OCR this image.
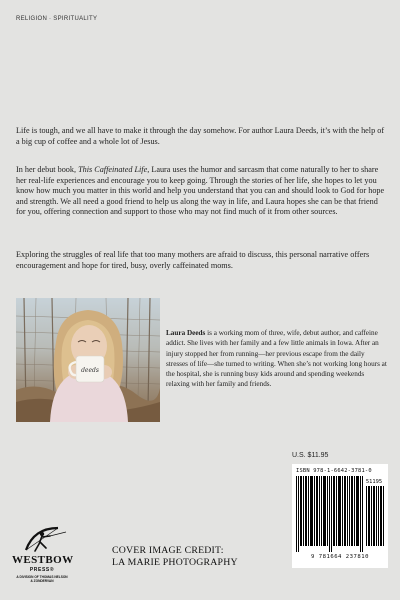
RELIGION · SPIRITUALITY

Life is tough, and we all have to make it through the day somehow. For author Laura Deeds, it’s with the help of a big cup of coffee and a whole lot of Jesus.

In her debut book, This Caffeinated Life, Laura uses the humor and sarcasm that come naturally to her to share her real-life experiences and encourage you to keep going. Through the stories of her life, she hopes to let you know how much you matter in this world and help you understand that you can and should look to God for hope and strength. We all need a good friend to help us along the way in life, and Laura hopes she can be that friend for you, offering connection and support to those who may not find much of it from other sources.

Exploring the struggles of real life that too many mothers are afraid to discuss, this personal narrative offers encouragement and hope for tired, busy, overly caffeinated moms.

deeds

Laura Deeds is a working mom of three, wife, debut author, and caffeine addict. She lives with her family and a few little animals in Iowa. After an injury stopped her from running—her previous escape from the daily stresses of life—she turned to writing. When she’s not working long hours at the hospital, she is running busy kids around and spending weekends relaxing with her family and friends.

U.S. $11.95
ISBN 978-1-6642-3781-0
51195
9 781664 237810
WESTBOW
PRESS®
A DIVISION OF THOMAS NELSON
& ZONDERVAN
COVER IMAGE CREDIT:
LA MARIE PHOTOGRAPHY
